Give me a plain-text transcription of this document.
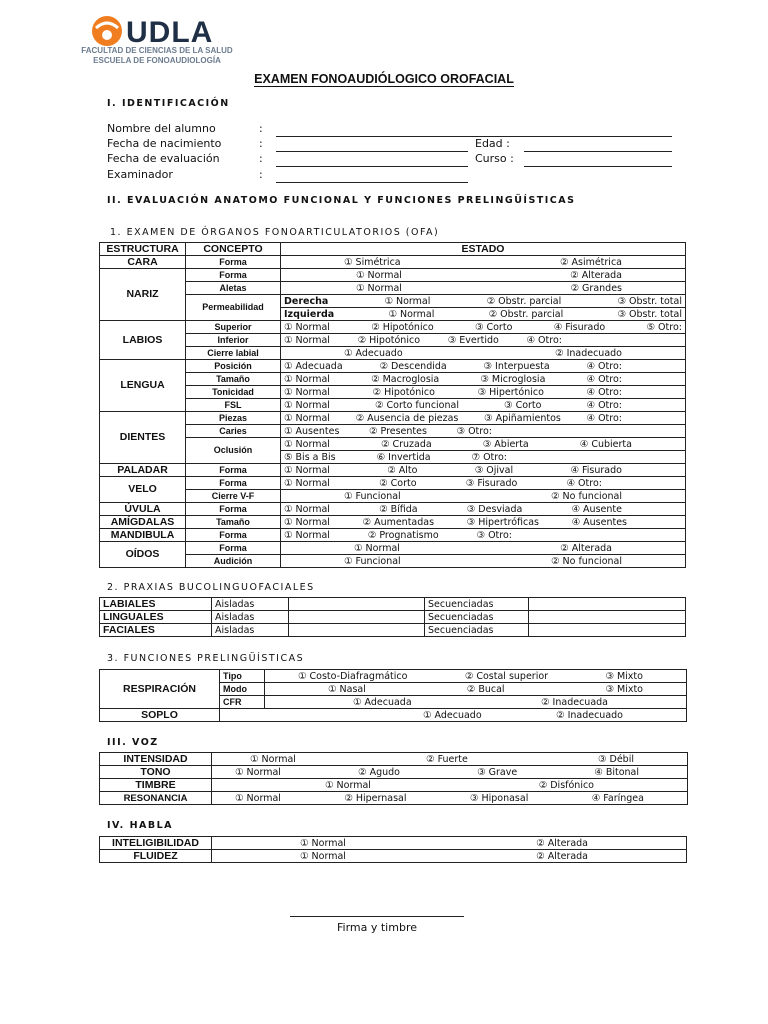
UDLA
FACULTAD DE CIENCIAS DE LA SALUD
ESCUELA DE FONOAUDIOLOGÍA
EXAMEN FONOAUDIÓLOGICO OROFACIAL
I. IDENTIFICACIÓN
Nombre del alumno	:
Fecha de nacimiento	:	Edad :
Fecha de evaluación	:	Curso :
Examinador	:
II. EVALUACIÓN ANATOMO FUNCIONAL Y FUNCIONES PRELINGÜÍSTICAS
1. EXAMEN DE ÓRGANOS FONOARTICULATORIOS (OFA)
ESTRUCTURA	CONCEPTO	ESTADO
CARA	Forma	① Simétrica ② Asimétrica

NARIZ	Forma	① Normal ② Alterada

	Aletas	① Normal ② Grandes

	Permeabilidad	Derecha ① Normal ② Obstr. parcial ③ Obstr. total

		Izquierda ① Normal ② Obstr. parcial ③ Obstr. total

LABIOS	Superior	① Normal ② Hipotónico ③ Corto ④ Fisurado ⑤ Otro:

	Inferior	① Normal ② Hipotónico ③ Evertido ④ Otro:

	Cierre labial	① Adecuado ② Inadecuado

LENGUA	Posición	① Adecuada ② Descendida ③ Interpuesta ④ Otro:

	Tamaño	① Normal ② Macroglosia ③ Microglosia ④ Otro:

	Tonicidad	① Normal ② Hipotónico ③ Hipertónico ④ Otro:

	FSL	① Normal ② Corto funcional ③ Corto ④ Otro:

DIENTES	Piezas	① Normal ② Ausencia de piezas ③ Apiñamientos ④ Otro:

	Caries	① Ausentes ② Presentes ③ Otro:

	Oclusión	① Normal ② Cruzada ③ Abierta ④ Cubierta

		⑤ Bis a Bis ⑥ Invertida ⑦ Otro:

PALADAR	Forma	① Normal ② Alto ③ Ojival ④ Fisurado

VELO	Forma	① Normal ② Corto ③ Fisurado ④ Otro:

	Cierre V-F	① Funcional ② No funcional

ÚVULA	Forma	① Normal ② Bífida ③ Desviada ④ Ausente

AMÍGDALAS	Tamaño	① Normal ② Aumentadas ③ Hipertróficas ④ Ausentes

MANDIBULA	Forma	① Normal ② Prognatismo ③ Otro:

OÍDOS	Forma	① Normal ② Alterada

	Audición	① Funcional ② No funcional
2. PRAXIAS BUCOLINGUOFACIALES
LABIALES	Aisladas		Secuenciadas	
LINGUALES	Aisladas		Secuenciadas	
FACIALES	Aisladas		Secuenciadas	
3. FUNCIONES PRELINGÜÍSTICAS
RESPIRACIÓN	Tipo	① Costo-Diafragmático ② Costal superior ③ Mixto

	Modo	① Nasal ② Bucal ③ Mixto

	CFR	① Adecuada ② Inadecuada

SOPLO	① Adecuado ② Inadecuado	
III. VOZ
INTENSIDAD	① Normal ② Fuerte ③ Débil

TONO	① Normal ② Agudo ③ Grave ④ Bitonal

TIMBRE	① Normal ② Disfónico

RESONANCIA	① Normal ② Hipernasal ③ Hiponasal ④ Faríngea
IV. HABLA
INTELIGIBILIDAD	① Normal ② Alterada

FLUIDEZ	① Normal ② Alterada
Firma y timbre
